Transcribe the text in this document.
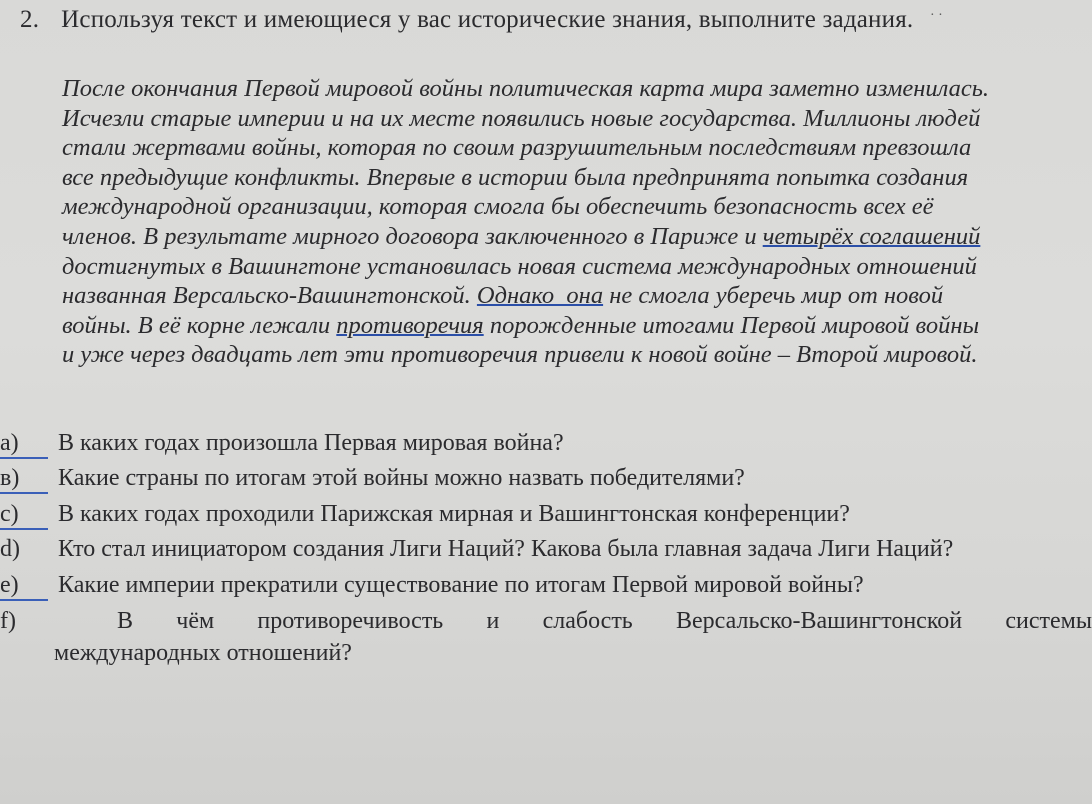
· ·
2. Используя текст и имеющиеся у вас исторические знания, выполните задания.
После окончания Первой мировой войны политическая карта мира заметно изменилась.
Исчезли старые империи и на их месте появились новые государства. Миллионы людей
стали жертвами войны, которая по своим разрушительным последствиям превзошла
все предыдущие конфликты. Впервые в истории была предпринята попытка создания
международной организации, которая смогла бы обеспечить безопасность всех её
членов. В результате мирного договора заключенного в Париже и четырёх соглашений
достигнутых в Вашингтоне установилась новая система международных отношений
названная Версальско-Вашингтонской. Однако  она не смогла уберечь мир от новой
войны. В её корне лежали противоречия порожденные итогами Первой мировой войны
и уже через двадцать лет эти противоречия привели к новой войне – Второй мировой.
a)	В каких годах произошла Первая мировая война?
в)	Какие страны по итогам этой войны можно назвать победителями?
c)	В каких годах проходили Парижская мирная и Вашингтонская конференции?
d)	Кто стал инициатором создания Лиги Наций? Какова была главная задача Лиги Наций?
e)	Какие империи прекратили существование по итогам Первой мировой войны?
f)	В чём противоречивость и слабость Версальско-Вашингтонской системы
международных отношений?
